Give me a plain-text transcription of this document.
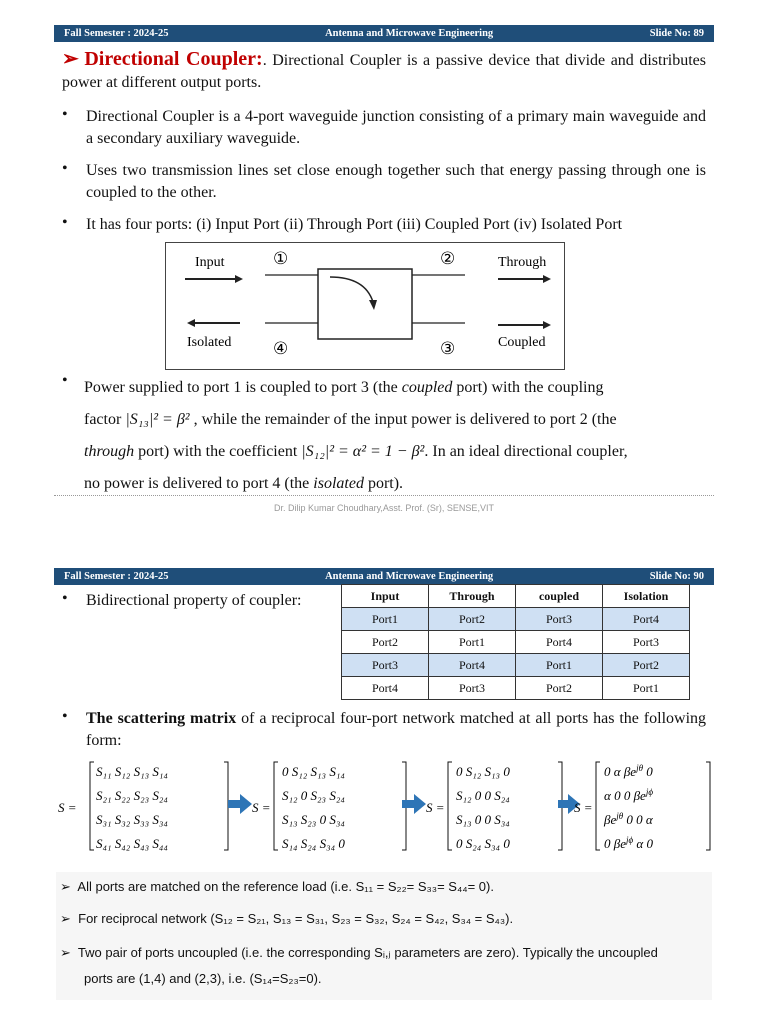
Fall Semester : 2024-25	Antenna and Microwave Engineering	Slide No: 89
➢ Directional Coupler:. Directional Coupler is a passive device that divide and distributes power at different output ports.
• Directional Coupler is a 4-port waveguide junction consisting of a primary main waveguide and a secondary auxiliary waveguide.
• Uses two transmission lines set close enough together such that energy passing through one is coupled to the other.
• It has four ports: (i) Input Port (ii) Through Port (iii) Coupled Port (iv) Isolated Port
Input	Through
Isolated	Coupled
①	②
④	③
• Power supplied to port 1 is coupled to port 3 (the coupled port) with the coupling
factor |S₁₃|² = β² , while the remainder of the input power is delivered to port 2 (the
through port) with the coefficient |S₁₂|² = α² = 1 − β². In an ideal directional coupler,
no power is delivered to port 4 (the isolated port).
Dr. Dilip Kumar Choudhary,Asst. Prof. (Sr), SENSE,VIT
Fall Semester : 2024-25	Antenna and Microwave Engineering	Slide No: 90
• Bidirectional property of coupler:	Input	Through	coupled	Isolation
Port1	Port2	Port3	Port4
Port2	Port1	Port4	Port3
Port3	Port4	Port1	Port2
Port4	Port3	Port2	Port1
• The scattering matrix of a reciprocal four-port network matched at all ports has the following form:
S =
S₁₁ S₁₂ S₁₃ S₁₄
S₂₁ S₂₂ S₂₃ S₂₄
S₃₁ S₃₂ S₃₃ S₃₄
S₄₁ S₄₂ S₄₃ S₄₄
S =
0 S₁₂ S₁₃ S₁₄
S₁₂ 0 S₂₃ S₂₄
S₁₃ S₂₃ 0 S₃₄
S₁₄ S₂₄ S₃₄ 0
S =
0 S₁₂ S₁₃ 0
S₁₂ 0 0 S₂₄
S₁₃ 0 0 S₃₄
0 S₂₄ S₃₄ 0
S =
0 α $\beta e^{j\theta}$ 0
α 0 0 $\beta e^{j\phi}$
$\beta e^{j\theta}$ 0 0 α
0 $\beta e^{j\phi}$ α 0
➢  All ports are matched on the reference load (i.e. S₁₁ = S₂₂= S₃₃= S₄₄= 0).
➢  For reciprocal network (S₁₂ = S₂₁, S₁₃ = S₃₁, S₂₃ = S₃₂, S₂₄ = S₄₂, S₃₄ = S₄₃).
➢  Two pair of ports uncoupled (i.e. the corresponding Sᵢ,ⱼ parameters are zero). Typically the uncoupled
ports are (1,4) and (2,3), i.e. (S₁₄=S₂₃=0).
